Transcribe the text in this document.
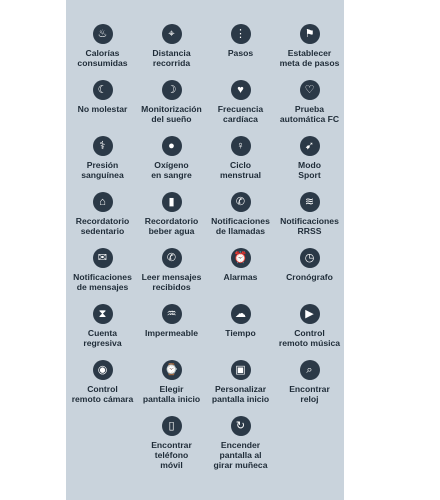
♨
Calorías
consumidas
⌖
Distancia
recorrida
⋮
Pasos
⚑
Establecer
meta de pasos
☾
No molestar
☽
Monitorización
del sueño
♥
Frecuencia
cardíaca
♡
Prueba
automática FC
⚕
Presión
sanguínea
●
Oxígeno
en sangre
♀
Ciclo
menstrual
➹
Modo
Sport
⌂
Recordatorio
sedentario
▮
Recordatorio
beber agua
✆
Notificaciones
de llamadas
≋
Notificaciones
RRSS
✉
Notificaciones
de mensajes
✆
Leer mensajes
recibidos
⏰
Alarmas
◷
Cronógrafo
⧗
Cuenta
regresiva
♒
Impermeable
☁
Tiempo
▶
Control
remoto música
◉
Control
remoto cámara
⌚
Elegir
pantalla inicio
▣
Personalizar
pantalla inicio
⌕
Encontrar
reloj
▯
Encontrar
teléfono
móvil
↻
Encender
pantalla al
girar muñeca
